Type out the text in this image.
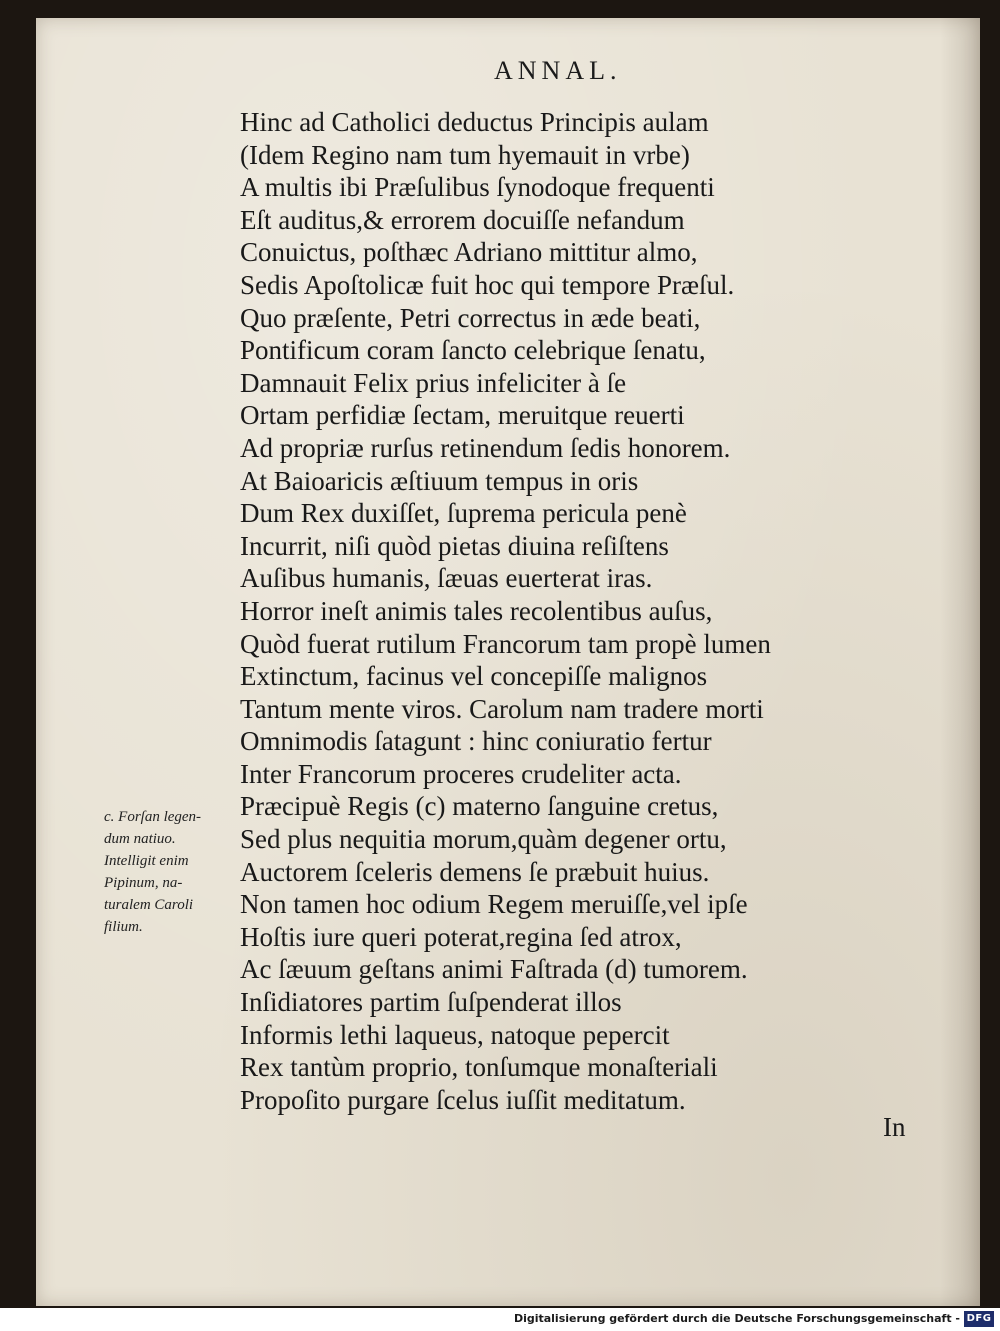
ANNAL.
Hinc ad Catholici deductus Principis aulam
(Idem Regino nam tum hyemauit in vrbe)
A multis ibi Præſulibus ſynodoque frequenti
Eſt auditus,& errorem docuiſſe nefandum
Conuictus, poſthæc Adriano mittitur almo,
Sedis Apoſtolicæ fuit hoc qui tempore Præſul.
Quo præſente, Petri correctus in æde beati,
Pontificum coram ſancto celebrique ſenatu,
Damnauit Felix prius infeliciter à ſe
Ortam perfidiæ ſectam, meruitque reuerti
Ad propriæ rurſus retinendum ſedis honorem.
At Baioaricis æſtiuum tempus in oris
Dum Rex duxiſſet, ſuprema pericula penè
Incurrit, niſi quòd pietas diuina reſiſtens
Auſibus humanis, ſæuas euerterat iras.
Horror ineſt animis tales recolentibus auſus,
Quòd fuerat rutilum Francorum tam propè lumen
Extinctum, facinus vel concepiſſe malignos
Tantum mente viros. Carolum nam tradere morti
Omnimodis ſatagunt : hinc coniuratio fertur
Inter Francorum proceres crudeliter acta.
Præcipuè Regis (c) materno ſanguine cretus,
Sed plus nequitia morum,quàm degener ortu,
Auctorem ſceleris demens ſe præbuit huius.
Non tamen hoc odium Regem meruiſſe,vel ipſe
Hoſtis iure queri poterat,regina ſed atrox,
Ac ſæuum geſtans animi Faſtrada (d) tumorem.
Inſidiatores partim ſuſpenderat illos
Informis lethi laqueus, natoque pepercit
Rex tantùm proprio, tonſumque monaſteriali
Propoſito purgare ſcelus iuſſit meditatum.
c. Forſan legen-
dum natiuo.
Intelligit enim
Pipinum, na-
turalem Caroli
filium.
In
Digitalisierung gefördert durch die Deutsche Forschungsgemeinschaft - DFG
